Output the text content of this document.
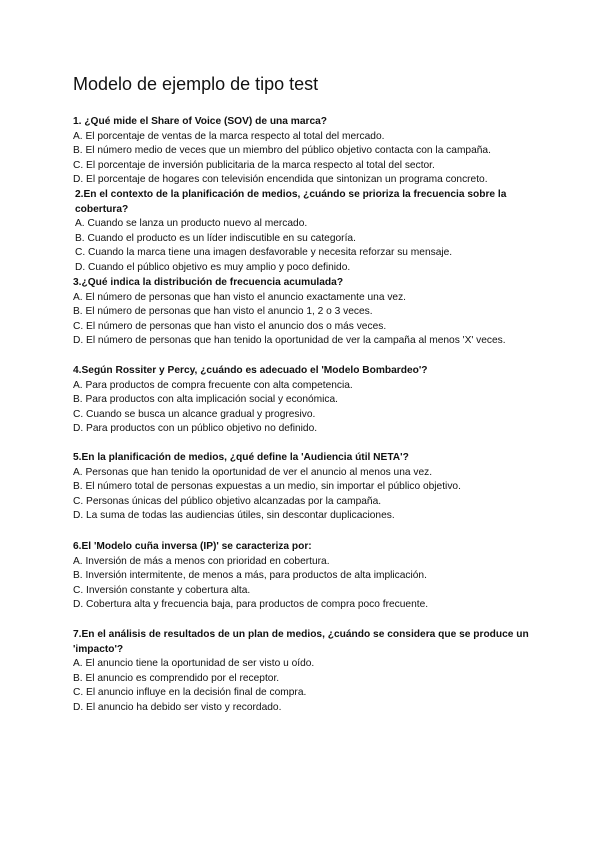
Modelo de ejemplo de tipo test
1. ¿Qué mide el Share of Voice (SOV) de una marca?
A. El porcentaje de ventas de la marca respecto al total del mercado.
B. El número medio de veces que un miembro del público objetivo contacta con la campaña.
C. El porcentaje de inversión publicitaria de la marca respecto al total del sector.
D. El porcentaje de hogares con televisión encendida que sintonizan un programa concreto.
2.En el contexto de la planificación de medios, ¿cuándo se prioriza la frecuencia sobre la cobertura?
A. Cuando se lanza un producto nuevo al mercado.
B. Cuando el producto es un líder indiscutible en su categoría.
C. Cuando la marca tiene una imagen desfavorable y necesita reforzar su mensaje.
D. Cuando el público objetivo es muy amplio y poco definido.
3.¿Qué indica la distribución de frecuencia acumulada?
A. El número de personas que han visto el anuncio exactamente una vez.
B. El número de personas que han visto el anuncio 1, 2 o 3 veces.
C. El número de personas que han visto el anuncio dos o más veces.
D. El número de personas que han tenido la oportunidad de ver la campaña al menos 'X' veces.
4.Según Rossiter y Percy, ¿cuándo es adecuado el 'Modelo Bombardeo'?
A. Para productos de compra frecuente con alta competencia.
B. Para productos con alta implicación social y económica.
C. Cuando se busca un alcance gradual y progresivo.
D. Para productos con un público objetivo no definido.
5.En la planificación de medios, ¿qué define la 'Audiencia útil NETA'?
A. Personas que han tenido la oportunidad de ver el anuncio al menos una vez.
B. El número total de personas expuestas a un medio, sin importar el público objetivo.
C. Personas únicas del público objetivo alcanzadas por la campaña.
D. La suma de todas las audiencias útiles, sin descontar duplicaciones.
6.El 'Modelo cuña inversa (IP)' se caracteriza por:
A. Inversión de más a menos con prioridad en cobertura.
B. Inversión intermitente, de menos a más, para productos de alta implicación.
C. Inversión constante y cobertura alta.
D. Cobertura alta y frecuencia baja, para productos de compra poco frecuente.
7.En el análisis de resultados de un plan de medios, ¿cuándo se considera que se produce un 'impacto'?
A. El anuncio tiene la oportunidad de ser visto u oído.
B. El anuncio es comprendido por el receptor.
C. El anuncio influye en la decisión final de compra.
D. El anuncio ha debido ser visto y recordado.
